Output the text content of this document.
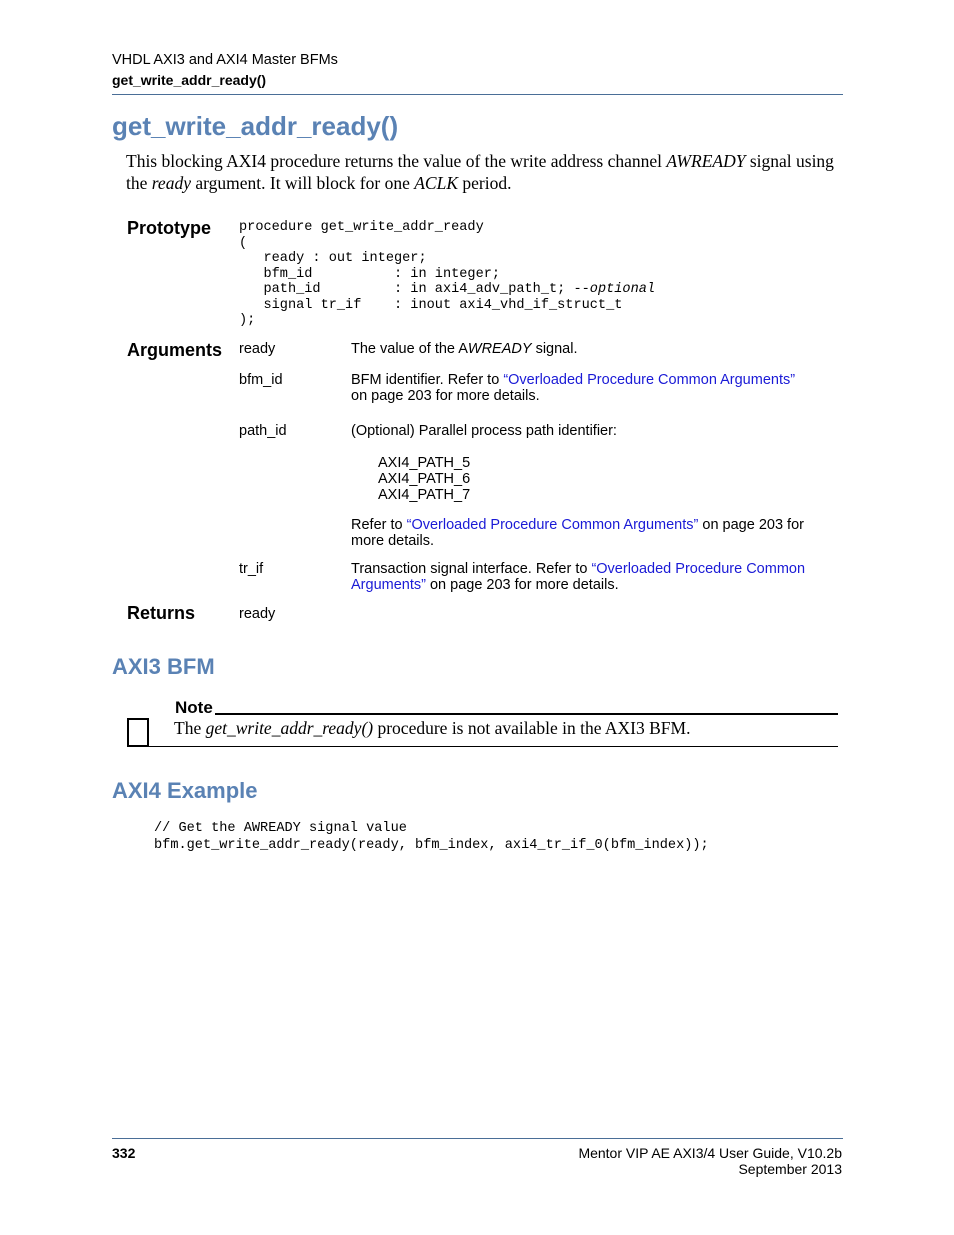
VHDL AXI3 and AXI4 Master BFMs
get_write_addr_ready()
get_write_addr_ready()
This blocking AXI4 procedure returns the value of the write address channel AWREADY signal using the ready argument. It will block for one ACLK period.
Prototype procedure get_write_addr_ready
(
ready : out integer;
bfm_id          : in integer;
path_id         : in axi4_adv_path_t; --optional
signal tr_if    : inout axi4_vhd_if_struct_t
);
Arguments ready	The value of the AWREADY signal.
bfm_id	BFM identifier. Refer to “Overloaded Procedure Common Arguments”
on page 203 for more details.
path_id	(Optional) Parallel process path identifier:
AXI4_PATH_5
AXI4_PATH_6
AXI4_PATH_7
Refer to “Overloaded Procedure Common Arguments” on page 203 for
more details.
tr_if	Transaction signal interface. Refer to “Overloaded Procedure Common
Arguments” on page 203 for more details.
Returns	ready
AXI3 BFM
Note
The get_write_addr_ready() procedure is not available in the AXI3 BFM.
AXI4 Example
// Get the AWREADY signal value
bfm.get_write_addr_ready(ready, bfm_index, axi4_tr_if_0(bfm_index));
332	Mentor VIP AE AXI3/4 User Guide, V10.2b
September 2013
